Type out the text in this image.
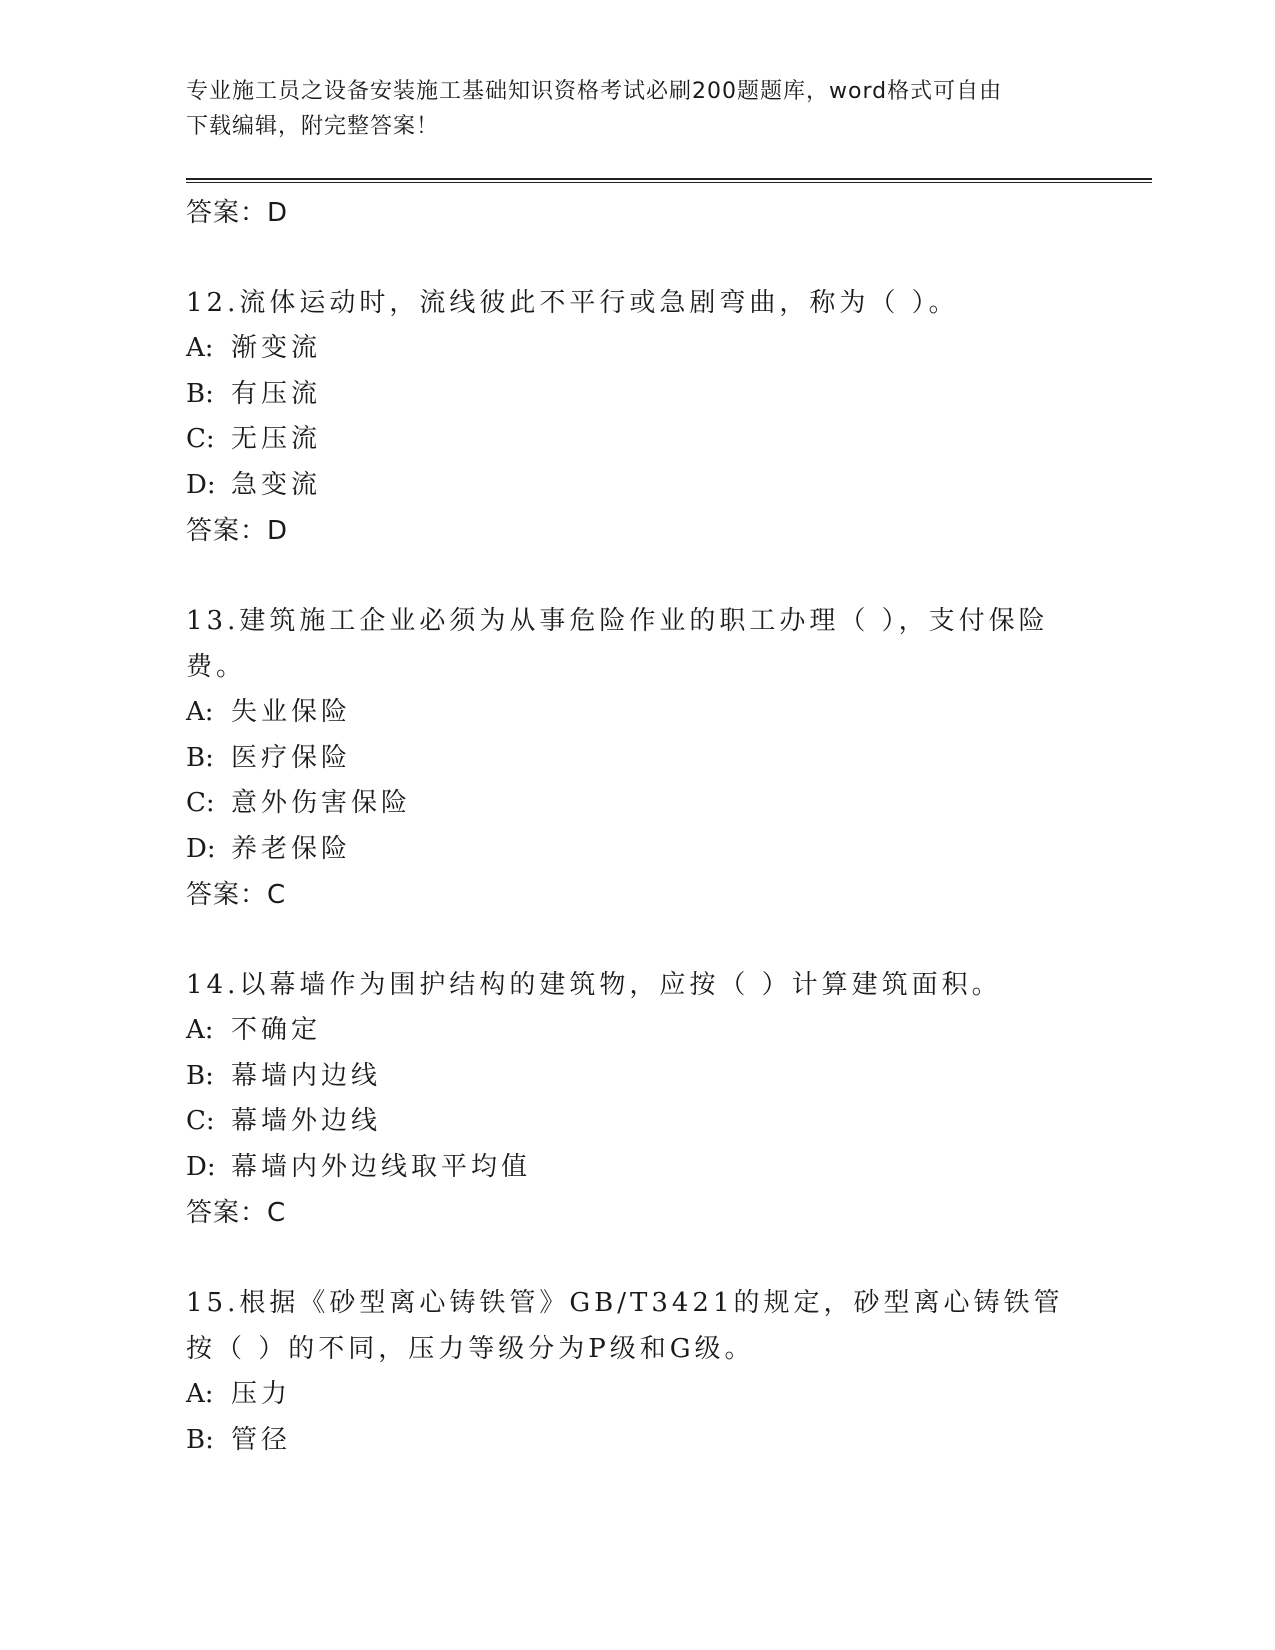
专业施工员之设备安装施工基础知识资格考试必刷200题题库，word格式可自由
下载编辑，附完整答案！
答案：D
12.流体运动时，流线彼此不平行或急剧弯曲，称为（ ）。
A: 渐变流
B: 有压流
C: 无压流
D: 急变流
答案：D
13.建筑施工企业必须为从事危险作业的职工办理（ ），支付保险费。
A: 失业保险
B: 医疗保险
C: 意外伤害保险
D: 养老保险
答案：C
14.以幕墙作为围护结构的建筑物，应按（ ）计算建筑面积。
A: 不确定
B: 幕墙内边线
C: 幕墙外边线
D: 幕墙内外边线取平均值
答案：C
15.根据《砂型离心铸铁管》GB/T3421的规定，砂型离心铸铁管按（ ）的不同，压力等级分为P级和G级。
A: 压力
B: 管径
